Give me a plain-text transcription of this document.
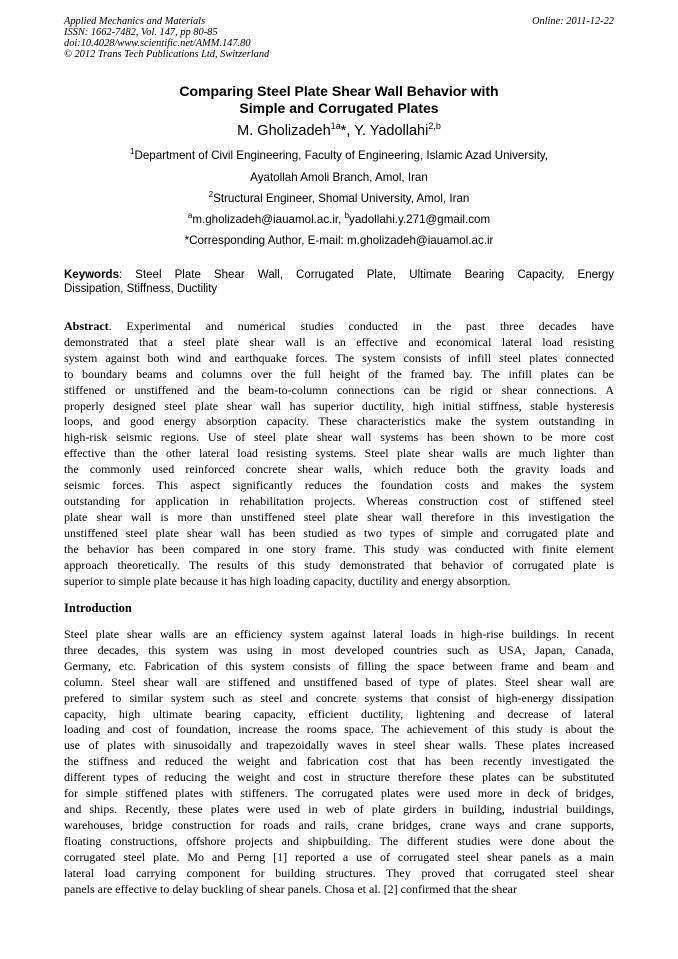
Applied Mechanics and Materials
ISSN: 1662-7482, Vol. 147, pp 80-85
doi:10.4028/www.scientific.net/AMM.147.80
© 2012 Trans Tech Publications Ltd, Switzerland
Online: 2011-12-22
Comparing Steel Plate Shear Wall Behavior with
Simple and Corrugated Plates
M. Gholizadeh$^{1a}$*, Y. Yadollahi$^{2,b}$
$^1$Department of Civil Engineering, Faculty of Engineering, Islamic Azad University,
Ayatollah Amoli Branch, Amol, Iran
$^2$Structural Engineer, Shomal University, Amol, Iran
$^a$m.gholizadeh@iauamol.ac.ir, $^b$yadollahi.y.271@gmail.com
*Corresponding Author, E-mail: m.gholizadeh@iauamol.ac.ir
Keywords: Steel Plate Shear Wall, Corrugated Plate, Ultimate Bearing Capacity, Energy
Dissipation, Stiffness, Ductility
Abstract. Experimental and numerical studies conducted in the past three decades have
demonstrated that a steel plate shear wall is an effective and economical lateral load resisting
system against both wind and earthquake forces. The system consists of infill steel plates connected
to boundary beams and columns over the full height of the framed bay. The infill plates can be
stiffened or unstiffened and the beam-to-column connections can be rigid or shear connections. A
properly designed steel plate shear wall has superior ductility, high initial stiffness, stable hysteresis
loops, and good energy absorption capacity. These characteristics make the system outstanding in
high-risk seismic regions. Use of steel plate shear wall systems has been shown to be more cost
effective than the other lateral load resisting systems. Steel plate shear walls are much lighter than
the commonly used reinforced concrete shear walls, which reduce both the gravity loads and
seismic forces. This aspect significantly reduces the foundation costs and makes the system
outstanding for application in rehabilitation projects. Whereas construction cost of stiffened steel
plate shear wall is more than unstiffened steel plate shear wall therefore in this investigation the
unstiffened steel plate shear wall has been studied as two types of simple and corrugated plate and
the behavior has been compared in one story frame. This study was conducted with finite element
approach theoretically. The results of this study demonstrated that behavior of corrugated plate is
superior to simple plate because it has high loading capacity, ductility and energy absorption.
Introduction
Steel plate shear walls are an efficiency system against lateral loads in high-rise buildings. In recent
three decades, this system was using in most developed countries such as USA, Japan, Canada,
Germany, etc. Fabrication of this system consists of filling the space between frame and beam and
column. Steel shear wall are stiffened and unstiffened based of type of plates. Steel shear wall are
prefered to similar system such as steel and concrete systems that consist of high-energy dissipation
capacity, high ultimate bearing capacity, efficient ductility, lightening and decrease of lateral
loading and cost of foundation, increase the rooms space. The achievement of this study is about the
use of plates with sinusoidally and trapezoidally waves in steel shear walls. These plates increased
the stiffness and reduced the weight and fabrication cost that has been recently investigated the
different types of reducing the weight and cost in structure therefore these plates can be substituted
for simple stiffened plates with stiffeners. The corrugated plates were used more in deck of bridges,
and ships. Recently, these plates were used in web of plate girders in building, industrial buildings,
warehouses, bridge construction for roads and rails, crane bridges, crane ways and crane supports,
floating constructions, offshore projects and shipbuilding. The different studies were done about the
corrugated steel plate. Mo and Perng [1] reported a use of corrugated steel shear panels as a main
lateral load carrying component for building structures. They proved that corrugated steel shear
panels are effective to delay buckling of shear panels. Chosa et al. [2] confirmed that the shear
